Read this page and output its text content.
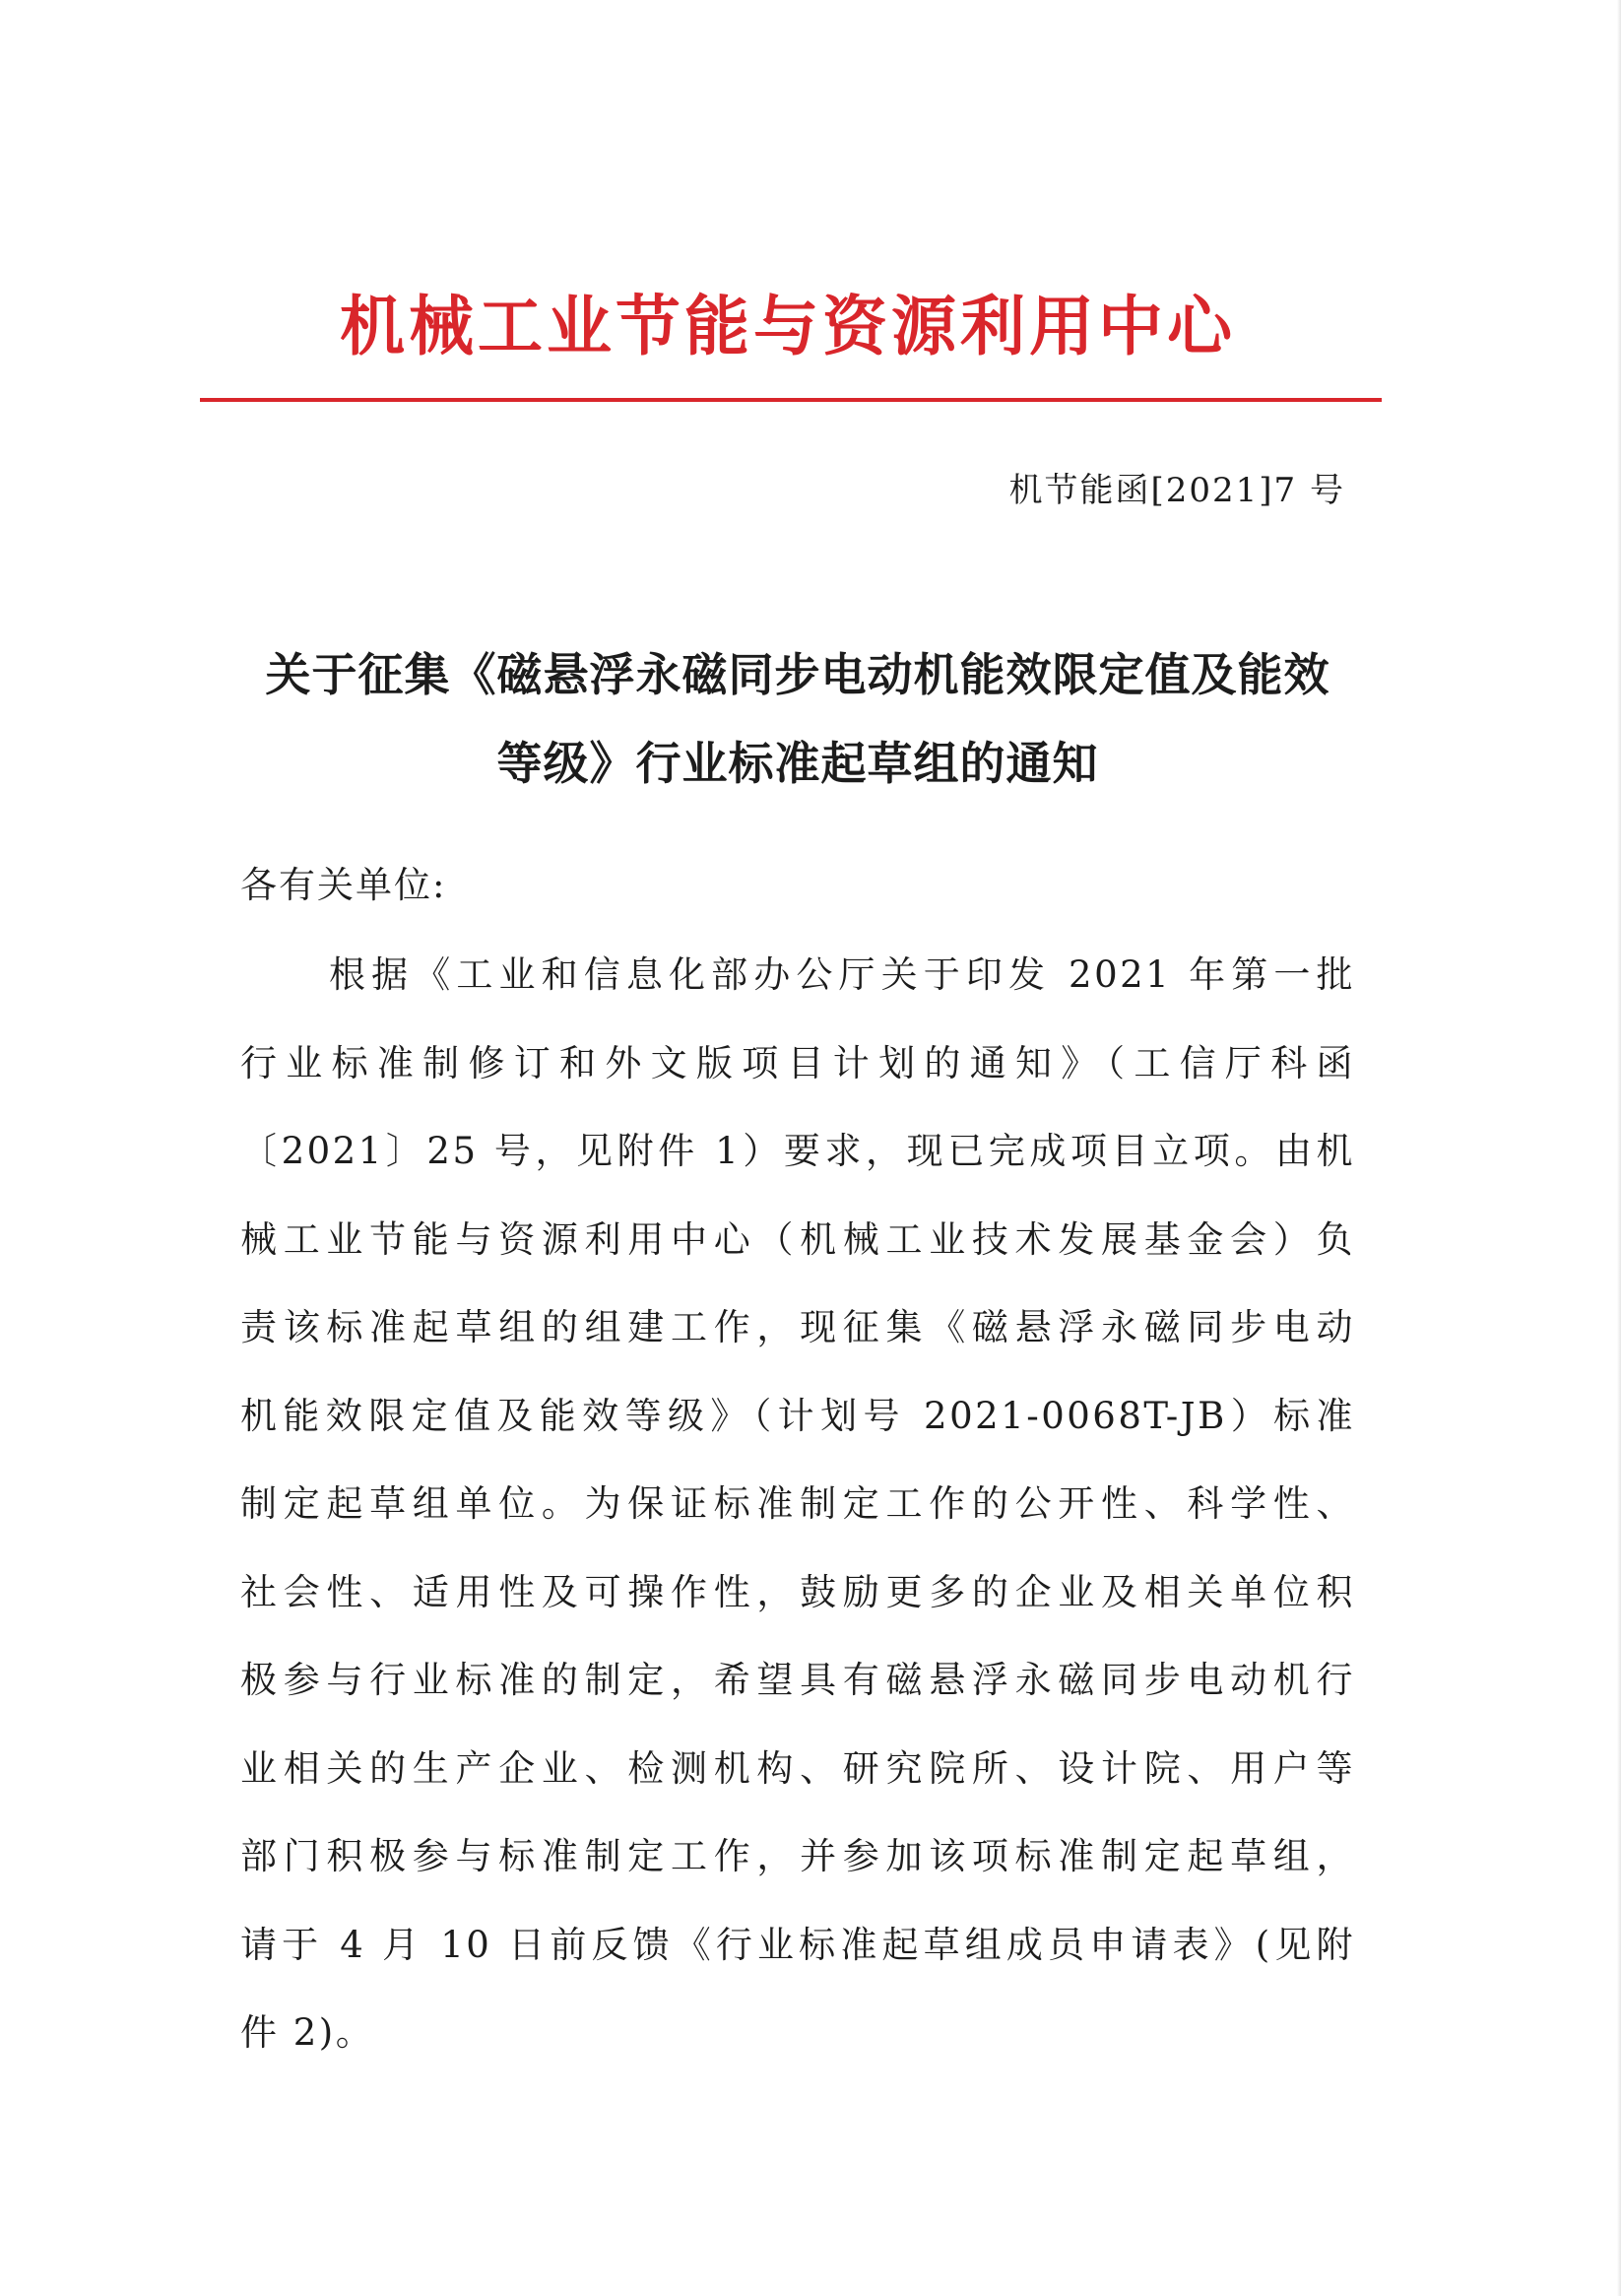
机械工业节能与资源利用中心
机节能函[2021]7 号
关于征集《磁悬浮永磁同步电动机能效限定值及能效
等级》行业标准起草组的通知
各有关单位:
根据《工业和信息化部办公厅关于印发 2021 年第一批
行业标准制修订和外文版项目计划的通知》（工信厅科函
〔2021〕25 号，见附件 1）要求，现已完成项目立项。由机
械工业节能与资源利用中心（机械工业技术发展基金会）负
责该标准起草组的组建工作，现征集《磁悬浮永磁同步电动
机能效限定值及能效等级》（计划号 2021-0068T-JB）标准
制定起草组单位。为保证标准制定工作的公开性、科学性、
社会性、适用性及可操作性，鼓励更多的企业及相关单位积
极参与行业标准的制定，希望具有磁悬浮永磁同步电动机行
业相关的生产企业、检测机构、研究院所、设计院、用户等
部门积极参与标准制定工作，并参加该项标准制定起草组，
请于 4 月 10 日前反馈《行业标准起草组成员申请表》(见附
件 2)。
